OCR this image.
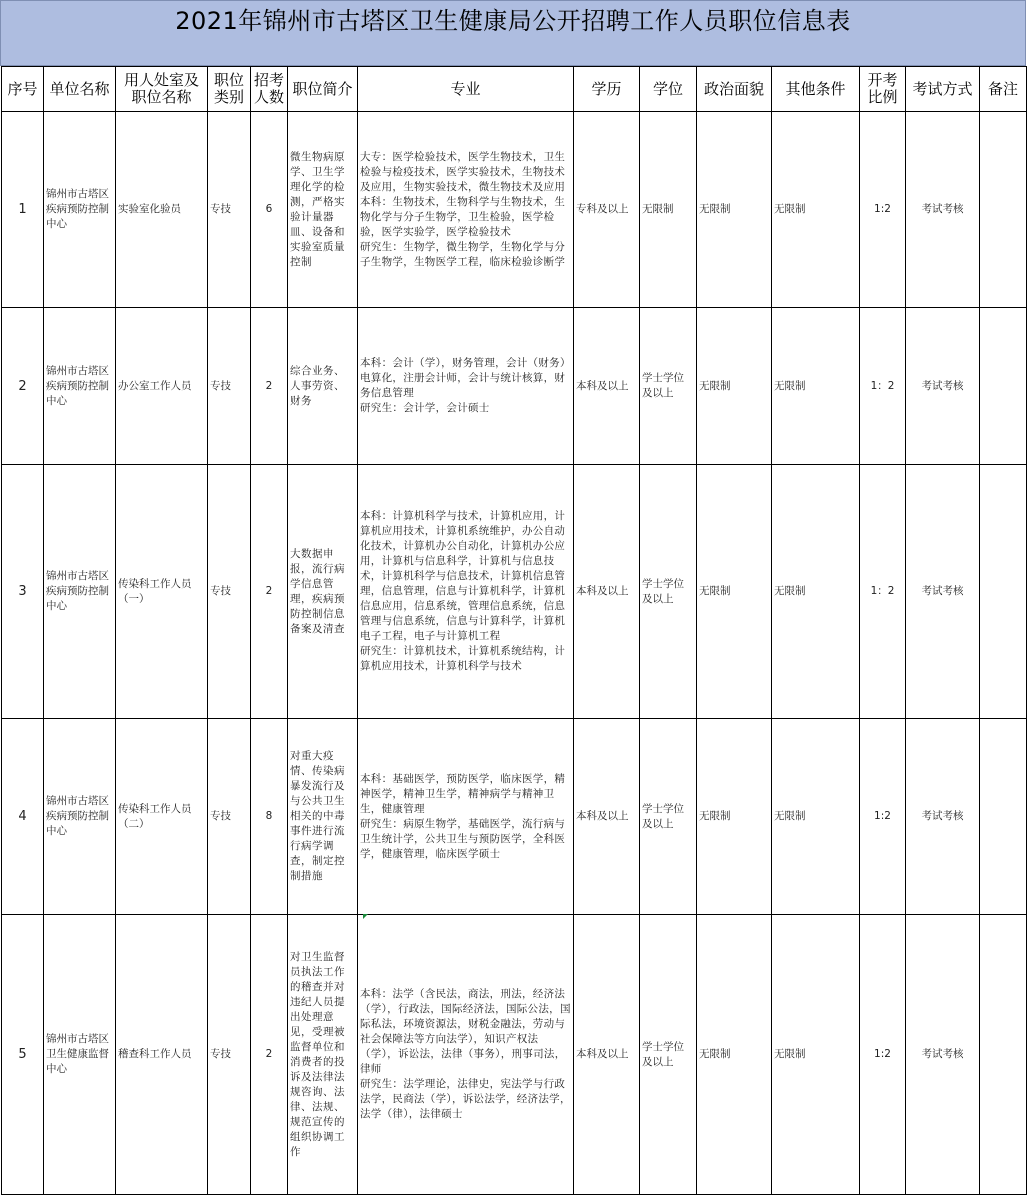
2021年锦州市古塔区卫生健康局公开招聘工作人员职位信息表
序号	单位名称	用人处室及职位名称	职位类别	招考人数	职位简介	专业	学历	学位	政治面貌	其他条件	开考比例	考试方式	备注
1	锦州市古塔区疾病预防控制中心	实验室化验员	专技	6	微生物病原学、卫生学理化学的检测，严格实验计量器皿、设备和实验室质量控制	大专：医学检验技术，医学生物技术，卫生检验与检疫技术，医学实验技术，生物技术及应用，生物实验技术，微生物技术及应用
本科：生物技术，生物科学与生物技术，生物化学与分子生物学，卫生检验，医学检验，医学实验学，医学检验技术
研究生：生物学，微生物学，生物化学与分子生物学，生物医学工程，临床检验诊断学	专科及以上	无限制	无限制	无限制	1:2	考试考核	
2	锦州市古塔区疾病预防控制中心	办公室工作人员	专技	2	综合业务、人事劳资、财务	本科：会计（学），财务管理，会计（财务）电算化，注册会计师，会计与统计核算，财务信息管理
研究生：会计学，会计硕士	本科及以上	学士学位及以上	无限制	无限制	1：2	考试考核	
3	锦州市古塔区疾病预防控制中心	传染科工作人员（一）	专技	2	大数据申报，流行病学信息管理，疾病预防控制信息备案及清查	本科：计算机科学与技术，计算机应用，计算机应用技术，计算机系统维护，办公自动化技术，计算机办公自动化，计算机办公应用，计算机与信息科学，计算机与信息技术，计算机科学与信息技术，计算机信息管理，信息管理，信息与计算机科学，计算机信息应用，信息系统，管理信息系统，信息管理与信息系统，信息与计算科学，计算机电子工程，电子与计算机工程
研究生：计算机技术，计算机系统结构，计算机应用技术，计算机科学与技术	本科及以上	学士学位及以上	无限制	无限制	1：2	考试考核	
4	锦州市古塔区疾病预防控制中心	传染科工作人员（二）	专技	8	对重大疫情、传染病暴发流行及与公共卫生相关的中毒事件进行流行病学调查，制定控制措施	本科：基础医学，预防医学，临床医学，精神医学，精神卫生学，精神病学与精神卫生，健康管理
研究生：病原生物学，基础医学，流行病与卫生统计学，公共卫生与预防医学，全科医学，健康管理，临床医学硕士	本科及以上	学士学位及以上	无限制	无限制	1:2	考试考核	
5	锦州市古塔区卫生健康监督中心	稽查科工作人员	专技	2	对卫生监督员执法工作的稽查并对违纪人员提出处理意见，受理被监督单位和消费者的投诉及法律法规咨询、法律、法规、规范宣传的组织协调工作	本科：法学（含民法，商法，刑法，经济法（学），行政法，国际经济法，国际公法，国际私法，环境资源法，财税金融法，劳动与社会保障法等方向法学），知识产权法（学），诉讼法，法律（事务），刑事司法，律师
研究生：法学理论，法律史，宪法学与行政法学，民商法（学），诉讼法学，经济法学，法学（律），法律硕士	本科及以上	学士学位及以上	无限制	无限制	1:2	考试考核	
